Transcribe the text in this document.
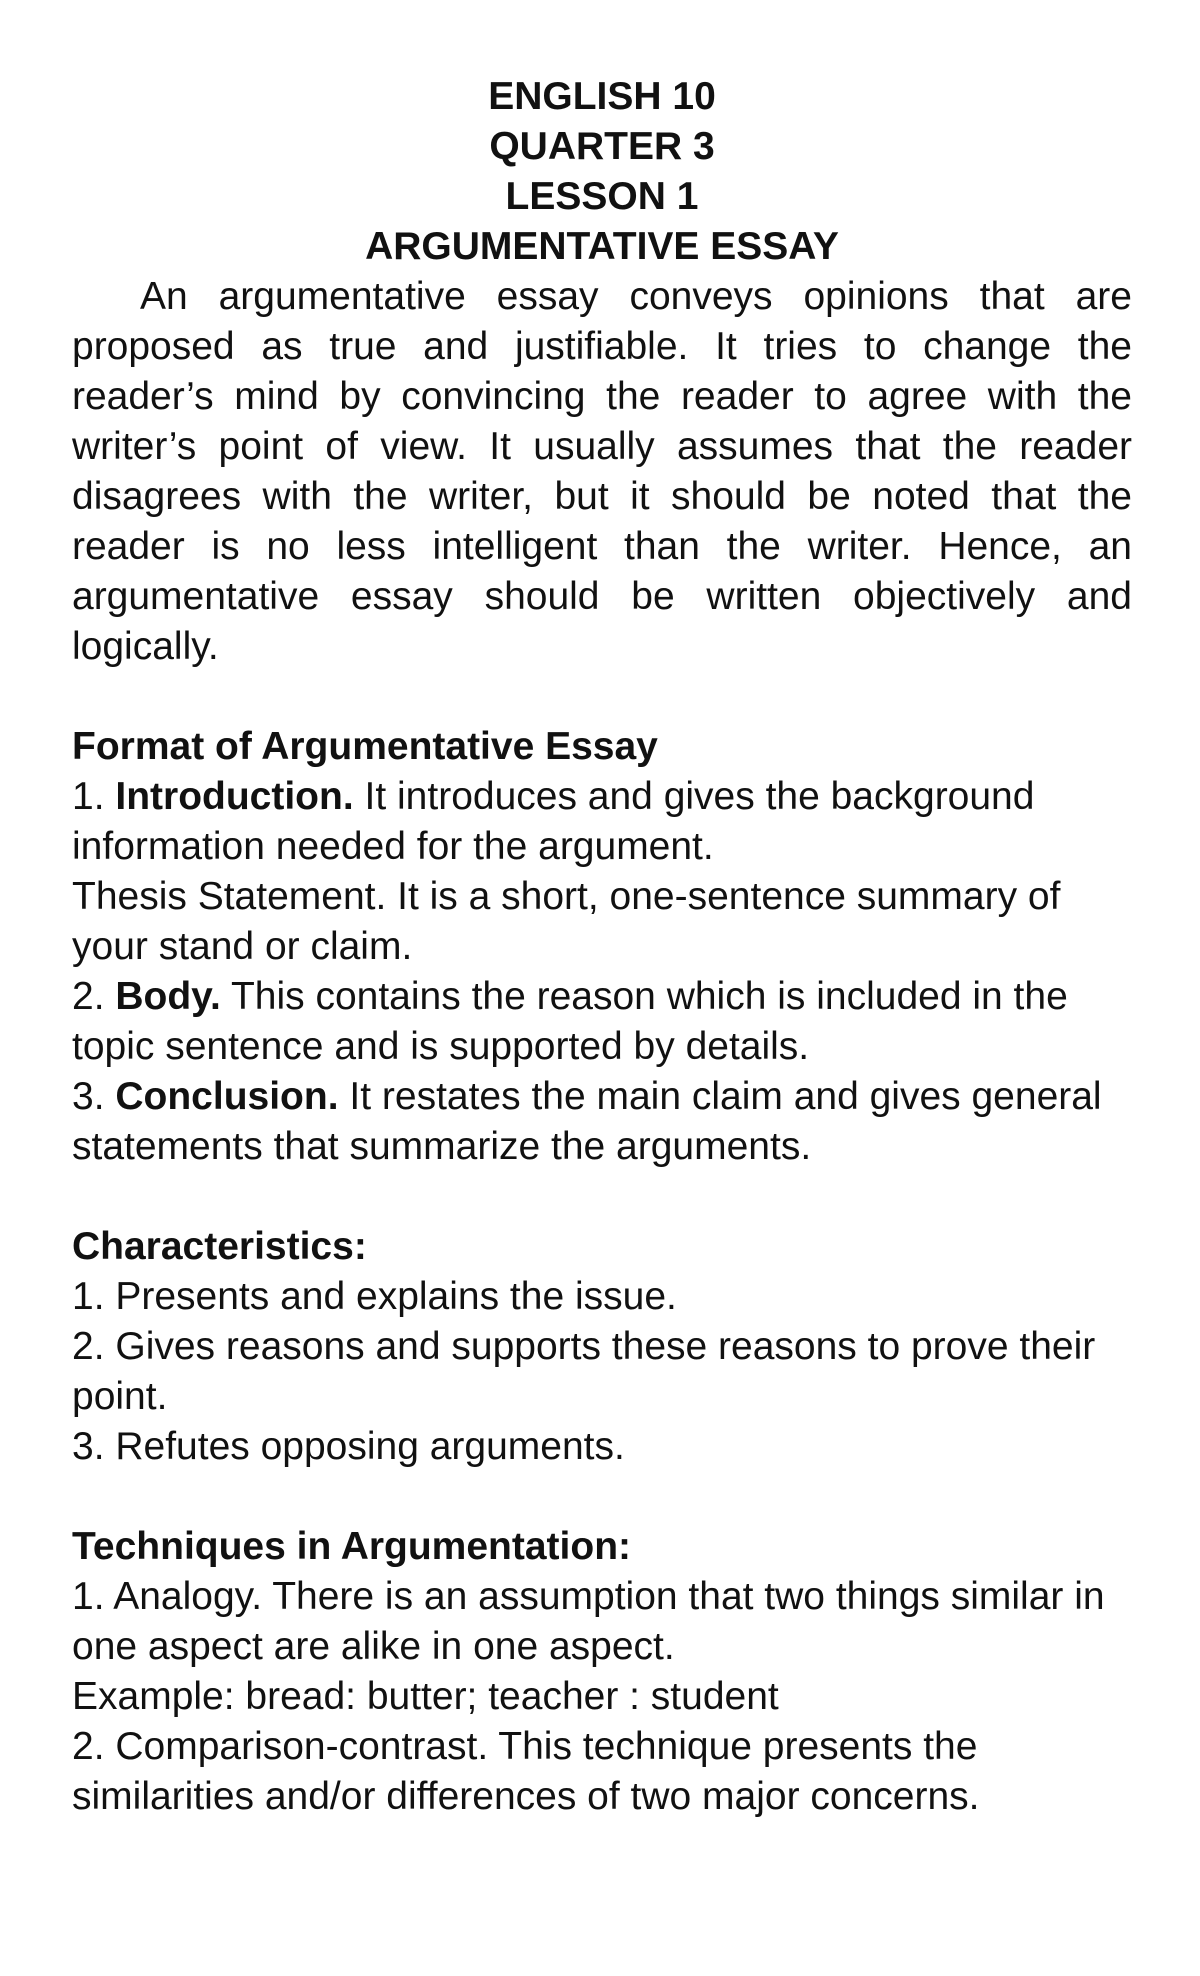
ENGLISH 10
QUARTER 3
LESSON 1
ARGUMENTATIVE ESSAY

An argumentative essay conveys opinions that are proposed as true and justifiable. It tries to change the reader’s mind by convincing the reader to agree with the writer’s point of view. It usually assumes that the reader disagrees with the writer, but it should be noted that the reader is no less intelligent than the writer. Hence, an argumentative essay should be written objectively and logically.

Format of Argumentative Essay

1. Introduction. It introduces and gives the background information needed for the argument.

Thesis Statement. It is a short, one-sentence summary of your stand or claim.

2. Body. This contains the reason which is included in the topic sentence and is supported by details.

3. Conclusion. It restates the main claim and gives general statements that summarize the arguments.

Characteristics:

1. Presents and explains the issue.

2. Gives reasons and supports these reasons to prove their point.

3. Refutes opposing arguments.

Techniques in Argumentation:

1. Analogy. There is an assumption that two things similar in one aspect are alike in one aspect.

Example: bread: butter; teacher : student

2. Comparison-contrast. This technique presents the similarities and/or differences of two major concerns.
